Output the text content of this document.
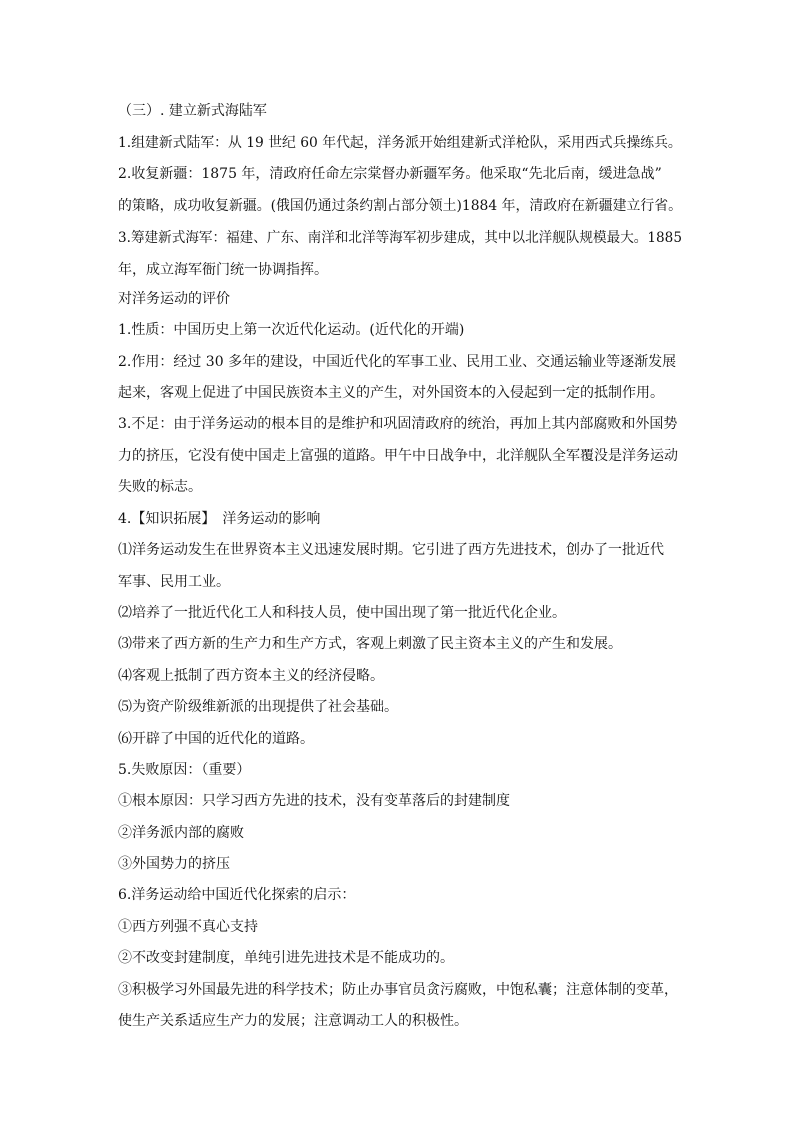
（三）. 建立新式海陆军
1.组建新式陆军：从 19 世纪 60 年代起，洋务派开始组建新式洋枪队，采用西式兵操练兵。
2.收复新疆：1875 年，清政府任命左宗棠督办新疆军务。他采取“先北后南，缓进急战”
的策略，成功收复新疆。(俄国仍通过条约割占部分领土)1884 年，清政府在新疆建立行省。
3.筹建新式海军：福建、广东、南洋和北洋等海军初步建成，其中以北洋舰队规模最大。1885
年，成立海军衙门统一协调指挥。
对洋务运动的评价
1.性质：中国历史上第一次近代化运动。(近代化的开端)
2.作用：经过 30 多年的建设，中国近代化的军事工业、民用工业、交通运输业等逐渐发展
起来，客观上促进了中国民族资本主义的产生，对外国资本的入侵起到一定的抵制作用。
3.不足：由于洋务运动的根本目的是维护和巩固清政府的统治，再加上其内部腐败和外国势
力的挤压，它没有使中国走上富强的道路。甲午中日战争中，北洋舰队全军覆没是洋务运动
失败的标志。
4.【知识拓展】　洋务运动的影响
⑴洋务运动发生在世界资本主义迅速发展时期。它引进了西方先进技术，创办了一批近代
军事、民用工业。
⑵培养了一批近代化工人和科技人员，使中国出现了第一批近代化企业。
⑶带来了西方新的生产力和生产方式，客观上刺激了民主资本主义的产生和发展。
⑷客观上抵制了西方资本主义的经济侵略。
⑸为资产阶级维新派的出现提供了社会基础。
⑹开辟了中国的近代化的道路。
5.失败原因：（重要）
①根本原因：只学习西方先进的技术，没有变革落后的封建制度
②洋务派内部的腐败
③外国势力的挤压
6.洋务运动给中国近代化探索的启示：
①西方列强不真心支持
②不改变封建制度，单纯引进先进技术是不能成功的。
③积极学习外国最先进的科学技术；防止办事官员贪污腐败，中饱私囊；注意体制的变革，
使生产关系适应生产力的发展；注意调动工人的积极性。
